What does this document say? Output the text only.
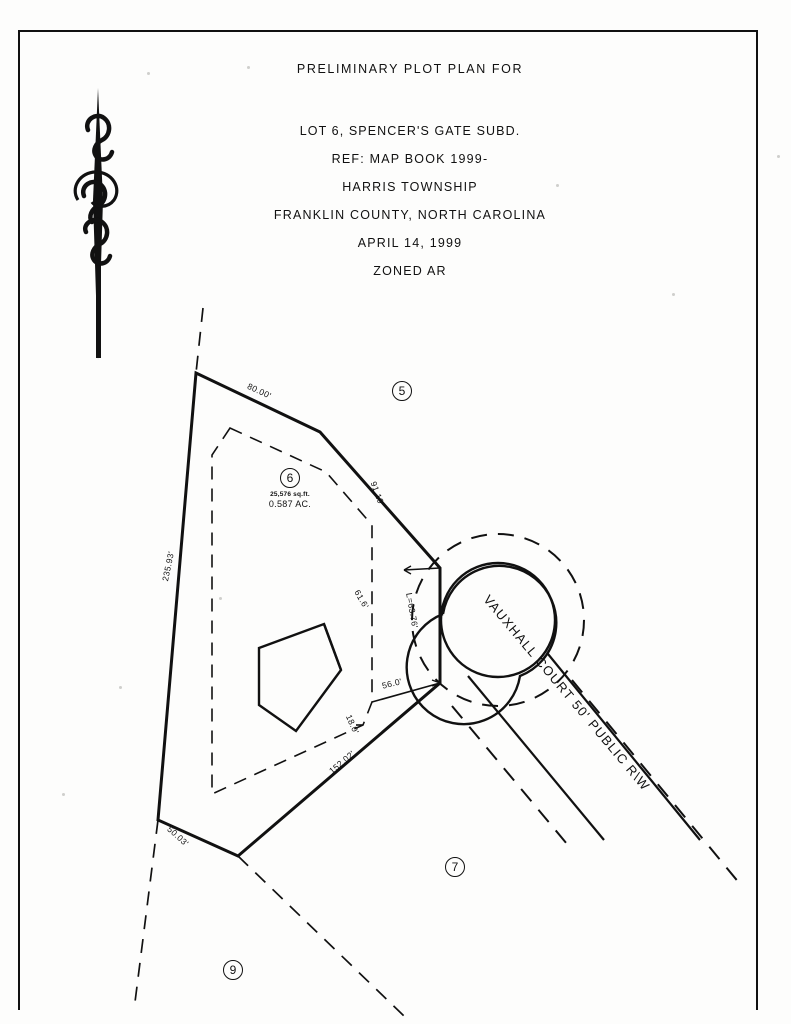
PRELIMINARY PLOT PLAN FOR
LOT 6, SPENCER'S GATE SUBD.
REF: MAP BOOK 1999-
HARRIS TOWNSHIP
FRANKLIN COUNTY, NORTH CAROLINA
APRIL 14, 1999
ZONED AR
5
6
25,576 sq.ft.
0.587 AC.
7
9
80.00'
91.19'
235.93'
50.03'
152.02'
L=63.76'
61.6'
56.0'
18.0'	VAUXHALL COURT 50' PUBLIC R\W
